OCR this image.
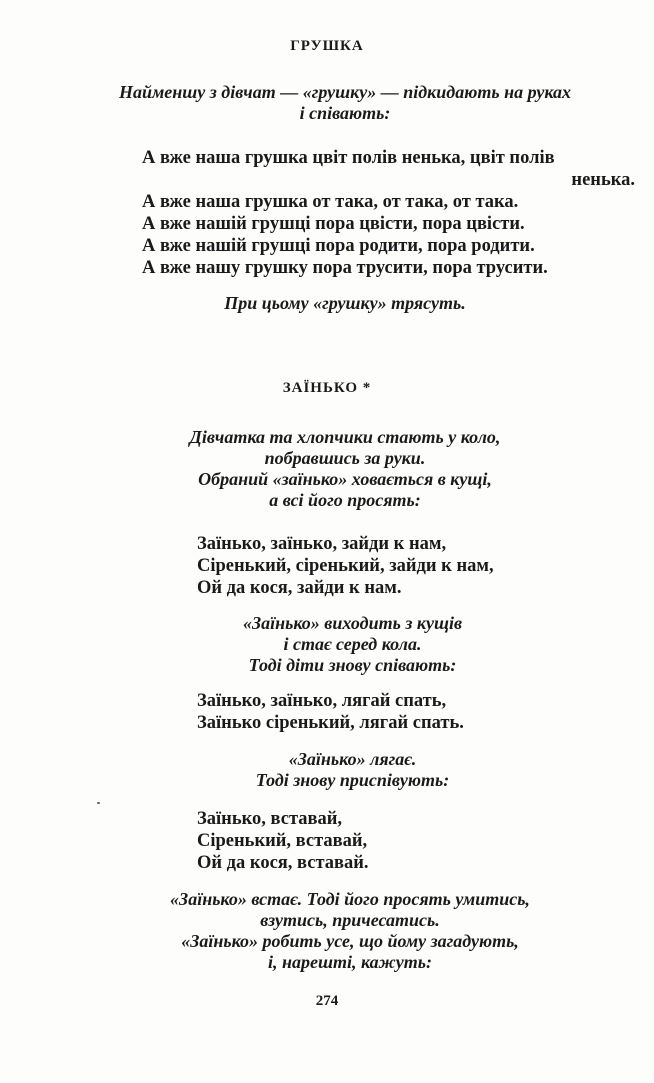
ГРУШКА
Найменшу з дівчат — «грушку» — підкидають на руках
і співають:
А вже наша грушка цвіт полів ненька, цвіт полів
ненька.
А вже наша грушка от така, от така, от така.
А вже нашій грушці пора цвісти, пора цвісти.
А вже нашій грушці пора родити, пора родити.
А вже нашу грушку пора трусити, пора трусити.
При цьому «грушку» трясуть.
ЗАЇНЬКО *
Дівчатка та хлопчики стають у коло,
побравшись за руки.
Обраний «заїнько» ховається в кущі,
а всі його просять:
Заїнько, заїнько, зайди к нам,
Сіренький, сіренький, зайди к нам,
Ой да кося, зайди к нам.
«Заїнько» виходить з кущів
і стає серед кола.
Тоді діти знову співають:
Заїнько, заїнько, лягай спать,
Заїнько сіренький, лягай спать.
«Заїнько» лягає.
Тоді знову приспівують:
Заїнько, вставай,
Сіренький, вставай,
Ой да кося, вставай.
«Заїнько» встає. Тоді його просять умитись,
взутись, причесатись.
«Заїнько» робить усе, що йому загадують,
і, нарешті, кажуть:
274
